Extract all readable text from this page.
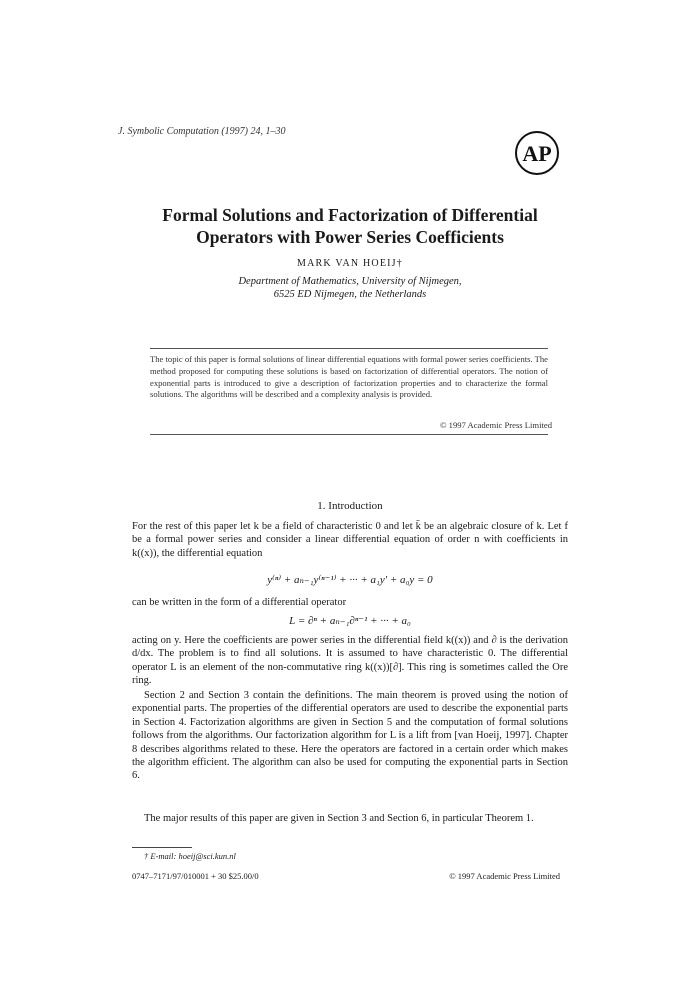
J. Symbolic Computation (1997) 24, 1–30
AP
Formal Solutions and Factorization of Differential
Operators with Power Series Coefficients
MARK VAN HOEIJ†
Department of Mathematics, University of Nijmegen,
6525 ED Nijmegen, the Netherlands
The topic of this paper is formal solutions of linear differential equations with formal power series coefficients. The method proposed for computing these solutions is based on factorization of differential operators. The notion of exponential parts is introduced to give a description of factorization properties and to characterize the formal solutions. The algorithms will be described and a complexity analysis is provided.
© 1997 Academic Press Limited
1. Introduction
For the rest of this paper let k be a field of characteristic 0 and let k̄ be an algebraic closure of k. Let f be a formal power series and consider a linear differential equation of order n with coefficients in k((x)), the differential equation
y⁽ⁿ⁾ + aₙ₋₁y⁽ⁿ⁻¹⁾ + ··· + a₁y′ + a₀y = 0
can be written in the form of a differential operator
L = ∂ⁿ + aₙ₋₁∂ⁿ⁻¹ + ··· + a₀
acting on y. Here the coefficients are power series in the differential field k((x)) and ∂ is the derivation d/dx. The problem is to find all solutions. It is assumed to have characteristic 0. The differential operator L is an element of the non-commutative ring k((x))[∂]. This ring is sometimes called the Ore ring.
Section 2 and Section 3 contain the definitions. The main theorem is proved using the notion of exponential parts. The properties of the differential operators are used to describe the exponential parts in Section 4. Factorization algorithms are given in Section 5 and the computation of formal solutions follows from the algorithms. Our factorization algorithm for L is a lift from [van Hoeij, 1997]. Chapter 8 describes algorithms related to these. Here the operators are factored in a certain order which makes the algorithm efficient. The algorithm can also be used for computing the exponential parts in Section 6.
The major results of this paper are given in Section 3 and Section 6, in particular Theorem 1.
† E-mail: hoeij@sci.kun.nl
0747–7171/97/010001 + 30 $25.00/0	© 1997 Academic Press Limited
